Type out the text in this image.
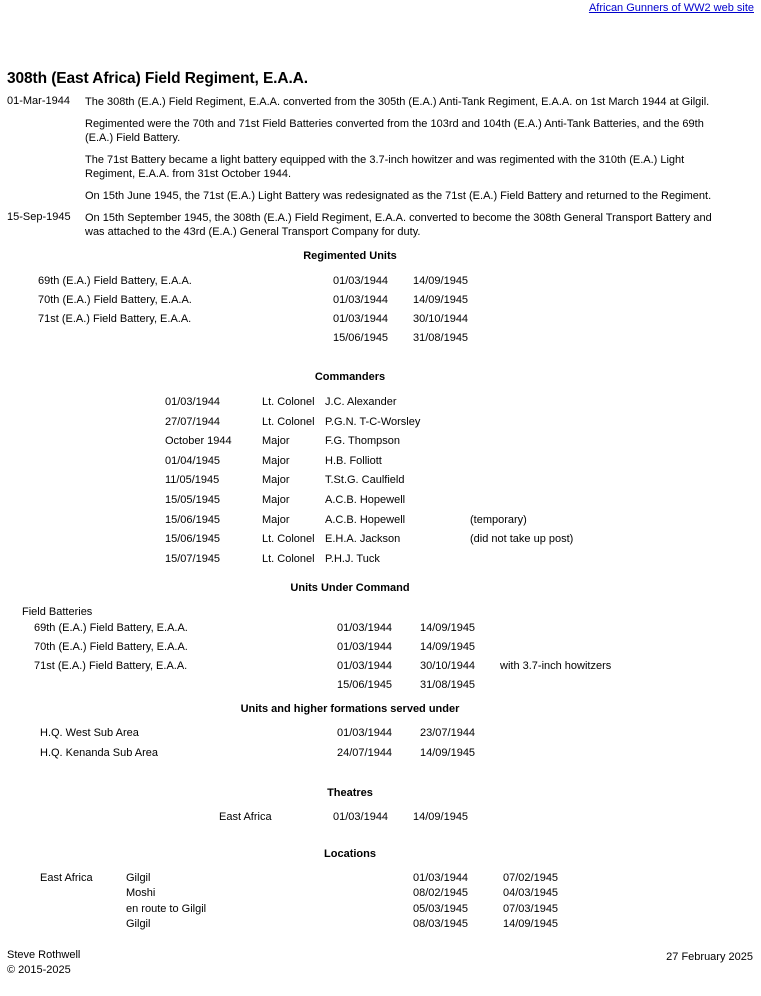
African Gunners of WW2 web site
308th (East Africa) Field Regiment, E.A.A.
01-Mar-1944	The 308th (E.A.) Field Regiment, E.A.A. converted from the 305th (E.A.) Anti-Tank Regiment, E.A.A. on 1st March 1944 at Gilgil.
Regimented were the 70th and 71st Field Batteries converted from the 103rd and 104th (E.A.) Anti-Tank Batteries, and the 69th (E.A.) Field Battery.
The 71st Battery became a light battery equipped with the 3.7-inch howitzer and was regimented with the 310th (E.A.) Light Regiment, E.A.A. from 31st October 1944.
On 15th June 1945, the 71st (E.A.) Light Battery was redesignated as the 71st (E.A.) Field Battery and returned to the Regiment.
15-Sep-1945	On 15th September 1945, the 308th (E.A.) Field Regiment, E.A.A. converted to become the 308th General Transport Battery and was attached to the 43rd (E.A.) General Transport Company for duty.
Regimented Units
69th (E.A.) Field Battery, E.A.A.	01/03/1944 14/09/1945
70th (E.A.) Field Battery, E.A.A.	01/03/1944 14/09/1945
71st (E.A.) Field Battery, E.A.A.	01/03/1944 30/10/1944
15/06/1945 31/08/1945
Commanders
01/03/1944	Lt. Colonel J.C. Alexander
27/07/1944	Lt. Colonel P.G.N. T-C-Worsley
October 1944	Major	F.G. Thompson
01/04/1945	Major	H.B. Folliott
11/05/1945	Major	T.St.G. Caulfield
15/05/1945	Major	A.C.B. Hopewell
15/06/1945	Major	A.C.B. Hopewell	(temporary)
15/06/1945	Lt. Colonel E.H.A. Jackson	(did not take up post)
15/07/1945	Lt. Colonel P.H.J. Tuck
Units Under Command
Field Batteries
69th (E.A.) Field Battery, E.A.A.	01/03/1944	14/09/1945
70th (E.A.) Field Battery, E.A.A.	01/03/1944	14/09/1945
71st (E.A.) Field Battery, E.A.A.	01/03/1944	30/10/1944 with 3.7-inch howitzers
15/06/1945	31/08/1945
Units and higher formations served under
H.Q. West Sub Area	01/03/1944	23/07/1944
H.Q. Kenanda Sub Area	24/07/1944	14/09/1945
Theatres
East Africa	01/03/1944 14/09/1945
Locations
East Africa	Gilgil	01/03/1944	07/02/1945
Moshi	08/02/1945	04/03/1945
en route to Gilgil	05/03/1945	07/03/1945
Gilgil	08/03/1945	14/09/1945
Steve Rothwell
© 2015-2025
27 February 2025
